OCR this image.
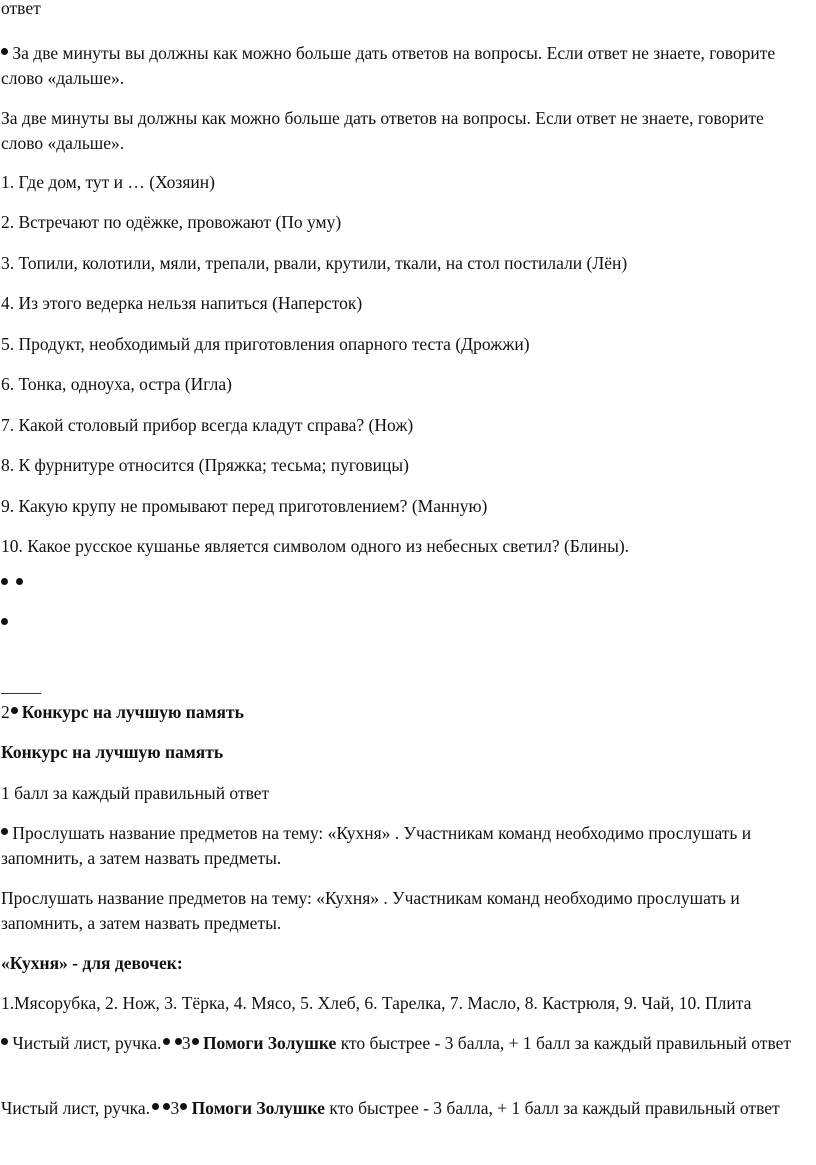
ответ
За две минуты вы должны как можно больше дать ответов на вопросы. Если ответ не знаете, говорите слово «дальше».
За две минуты вы должны как можно больше дать ответов на вопросы. Если ответ не знаете, говорите слово «дальше».
1. Где дом, тут и … (Хозяин)
2. Встречают по одёжке, провожают (По уму)
3. Топили, колотили, мяли, трепали, рвали, крутили, ткали, на стол постилали (Лён)
4. Из этого ведерка нельзя напиться (Наперсток)
5. Продукт, необходимый для приготовления опарного теста (Дрожжи)
6. Тонка, одноуха, остра (Игла)
7. Какой столовый прибор всегда кладут справа? (Нож)
8. К фурнитуре относится (Пряжка; тесьма; пуговицы)
9. Какую крупу не промывают перед приготовлением? (Манную)
10. Какое русское кушанье является символом одного из небесных светил? (Блины).

2 Конкурс на лучшую память
Конкурс на лучшую память
1 балл за каждый правильный ответ
Прослушать название предметов на тему: «Кухня» . Участникам команд необходимо прослушать и запомнить, а затем назвать предметы.
Прослушать название предметов на тему: «Кухня» . Участникам команд необходимо прослушать и запомнить, а затем назвать предметы.
«Кухня» - для девочек:
1.Мясорубка, 2. Нож, 3. Тёрка, 4. Мясо, 5. Хлеб, 6. Тарелка, 7. Масло, 8. Кастрюля, 9. Чай, 10. Плита
Чистый лист, ручка. 3 Помоги Золушке кто быстрее - 3 балла, + 1 балл за каждый правильный ответ
Чистый лист, ручка. 3 Помоги Золушке кто быстрее - 3 балла, + 1 балл за каждый правильный ответ
